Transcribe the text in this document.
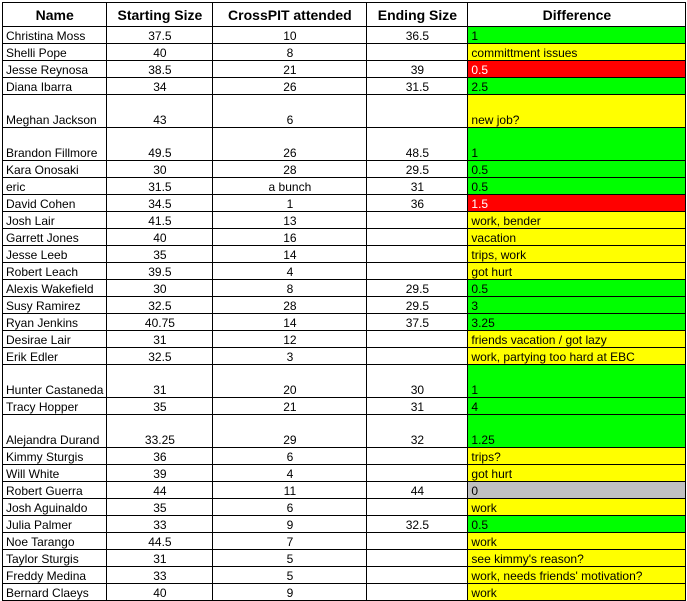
Name	Starting Size	CrossPIT attended	Ending Size	Difference
Christina Moss	37.5	10	36.5	1
Shelli Pope	40	8		committment issues
Jesse Reynosa	38.5	21	39	0.5
Diana Ibarra	34	26	31.5	2.5
Meghan Jackson	43	6		new job?
Brandon Fillmore	49.5	26	48.5	1
Kara Onosaki	30	28	29.5	0.5
eric	31.5	a bunch	31	0.5
David Cohen	34.5	1	36	1.5
Josh Lair	41.5	13		work, bender
Garrett Jones	40	16		vacation
Jesse Leeb	35	14		trips, work
Robert Leach	39.5	4		got hurt
Alexis Wakefield	30	8	29.5	0.5
Susy Ramirez	32.5	28	29.5	3
Ryan Jenkins	40.75	14	37.5	3.25
Desirae Lair	31	12		friends vacation / got lazy
Erik Edler	32.5	3		work, partying too hard at EBC
Hunter Castaneda	31	20	30	1
Tracy Hopper	35	21	31	4
Alejandra Durand	33.25	29	32	1.25
Kimmy Sturgis	36	6		trips?
Will White	39	4		got hurt
Robert Guerra	44	11	44	0
Josh Aguinaldo	35	6		work
Julia Palmer	33	9	32.5	0.5
Noe Tarango	44.5	7		work
Taylor Sturgis	31	5		see kimmy's reason?
Freddy Medina	33	5		work, needs friends' motivation?
Bernard Claeys	40	9		work
